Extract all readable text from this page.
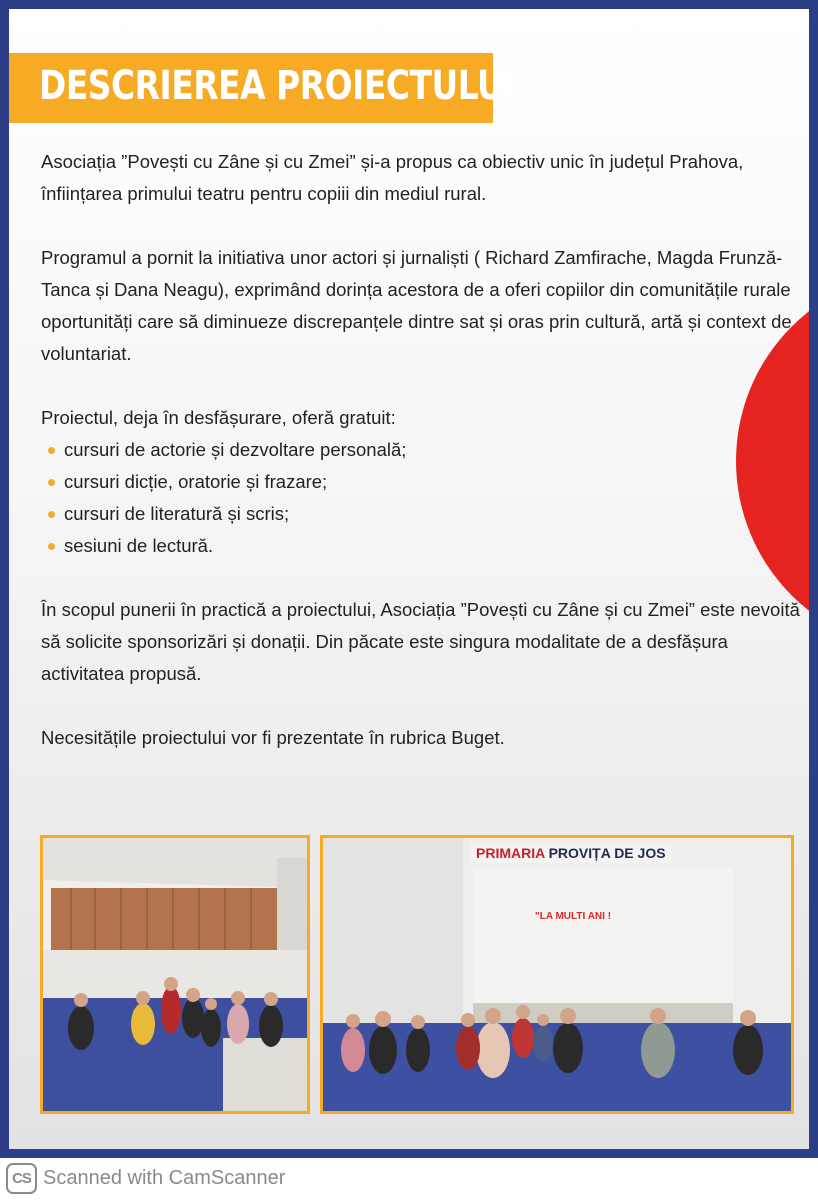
DESCRIEREA PROIECTULUI

Asociația ”Povești cu Zâne și cu Zmei” și-a propus ca obiectiv unic în județul Prahova, înființarea primului teatru pentru copiii din mediul rural.

Programul a pornit la initiativa unor actori și jurnaliști ( Richard Zamfirache, Magda Frunză-Tanca și Dana Neagu), exprimând dorința acestora de a oferi copiilor din comunitățile rurale oportunități care să diminueze discrepanțele dintre sat și oras prin cultură, artă și context de voluntariat.

Proiectul, deja în desfășurare, oferă gratuit:

cursuri de actorie și dezvoltare personală;
cursuri dicție, oratorie și frazare;
cursuri de literatură și scris;
sesiuni de lectură.

În scopul punerii în practică a proiectului, Asociația ”Povești cu Zâne și cu Zmei” este nevoită să solicite sponsorizări și donații. Din păcate este singura modalitate de a desfășura activitatea propusă.

Necesitățile proiectului vor fi prezentate în rubrica Buget.

PRIMARIA PROVIȚA DE JOS
"LA MULTI ANI !
CS Scanned with CamScanner
